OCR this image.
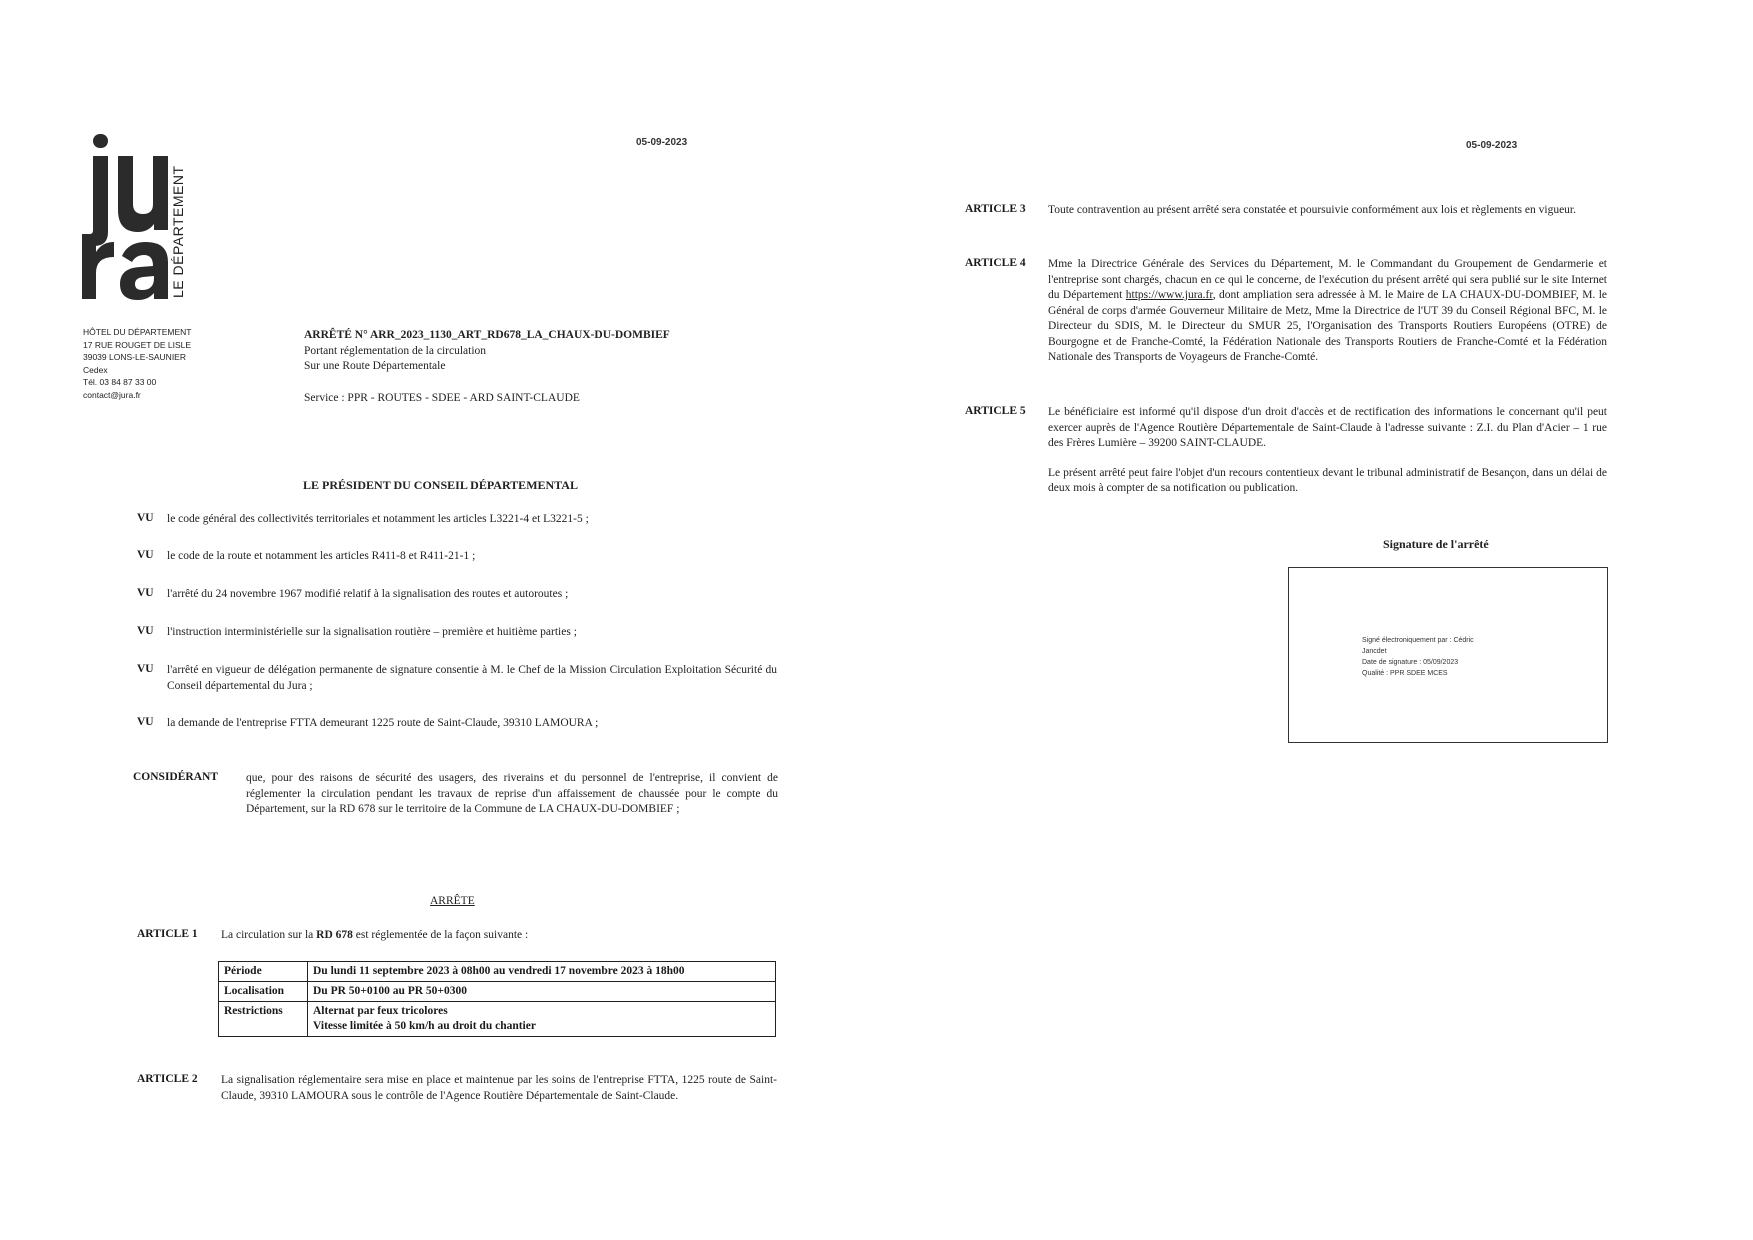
05-09-2023
LE DÉPARTEMENT
HÔTEL DU DÉPARTEMENT
17 RUE ROUGET DE LISLE
39039 LONS-LE-SAUNIER
Cedex
Tél. 03 84 87 33 00
contact@jura.fr
ARRÊTÉ N° ARR_2023_1130_ART_RD678_LA_CHAUX-DU-DOMBIEF
Portant réglementation de la circulation
Sur une Route Départementale
Service : PPR - ROUTES - SDEE - ARD SAINT-CLAUDE
LE PRÉSIDENT DU CONSEIL DÉPARTEMENTAL
VU	le code général des collectivités territoriales et notamment les articles L3221-4 et L3221-5 ;
VU	le code de la route et notamment les articles R411-8 et R411-21-1 ;
VU	l'arrêté du 24 novembre 1967 modifié relatif à la signalisation des routes et autoroutes ;
VU	l'instruction interministérielle sur la signalisation routière – première et huitième parties ;
VU	l'arrêté en vigueur de délégation permanente de signature consentie à M. le Chef de la Mission Circulation Exploitation Sécurité du Conseil départemental du Jura ;
VU	la demande de l'entreprise FTTA demeurant 1225 route de Saint-Claude, 39310 LAMOURA ;
CONSIDÉRANT	que, pour des raisons de sécurité des usagers, des riverains et du personnel de l'entreprise, il convient de réglementer la circulation pendant les travaux de reprise d'un affaissement de chaussée pour le compte du Département, sur la RD 678 sur le territoire de la Commune de LA CHAUX-DU-DOMBIEF ;
ARRÊTE
ARTICLE 1	La circulation sur la RD 678 est réglementée de la façon suivante :
Période	Du lundi 11 septembre 2023 à 08h00 au vendredi 17 novembre 2023 à 18h00
Localisation	Du PR 50+0100 au PR 50+0300
Restrictions	Alternat par feux tricolores
Vitesse limitée à 50 km/h au droit du chantier
ARTICLE 2	La signalisation réglementaire sera mise en place et maintenue par les soins de l'entreprise FTTA, 1225 route de Saint-Claude, 39310 LAMOURA sous le contrôle de l'Agence Routière Départementale de Saint-Claude.
05-09-2023
ARTICLE 3	Toute contravention au présent arrêté sera constatée et poursuivie conformément aux lois et règlements en vigueur.
ARTICLE 4	Mme la Directrice Générale des Services du Département, M. le Commandant du Groupement de Gendarmerie et l'entreprise sont chargés, chacun en ce qui le concerne, de l'exécution du présent arrêté qui sera publié sur le site Internet du Département https://www.jura.fr, dont ampliation sera adressée à M. le Maire de LA CHAUX-DU-DOMBIEF, M. le Général de corps d'armée Gouverneur Militaire de Metz, Mme la Directrice de l'UT 39 du Conseil Régional BFC, M. le Directeur du SDIS, M. le Directeur du SMUR 25, l'Organisation des Transports Routiers Européens (OTRE) de Bourgogne et de Franche-Comté, la Fédération Nationale des Transports Routiers de Franche-Comté et la Fédération Nationale des Transports de Voyageurs de Franche-Comté.
ARTICLE 5	Le bénéficiaire est informé qu'il dispose d'un droit d'accès et de rectification des informations le concernant qu'il peut exercer auprès de l'Agence Routière Départementale de Saint-Claude à l'adresse suivante : Z.I. du Plan d'Acier – 1 rue des Frères Lumière – 39200 SAINT-CLAUDE.
Le présent arrêté peut faire l'objet d'un recours contentieux devant le tribunal administratif de Besançon, dans un délai de deux mois à compter de sa notification ou publication.
Signature de l'arrêté
Signé électroniquement par : Cédric
Jancdet
Date de signature : 05/09/2023
Qualité : PPR SDEE MCES
